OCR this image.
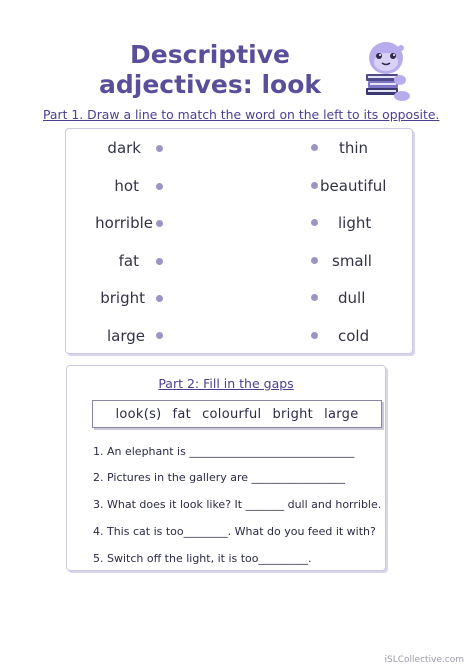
Descriptive
adjectives: look
Part 1. Draw a line to match the word on the left to its opposite.
dark
hot
horrible
fat
bright
large
thin
beautiful
light
small
dull
cold
Part 2: Fill in the gaps
look(s) fat colourful bright large
1. An elephant is ______________________________
2. Pictures in the gallery are _________________
3. What does it look like? It _______ dull and horrible.
4. This cat is too________. What do you feed it with?
5. Switch off the light, it is too_________.
iSLCollective.com
